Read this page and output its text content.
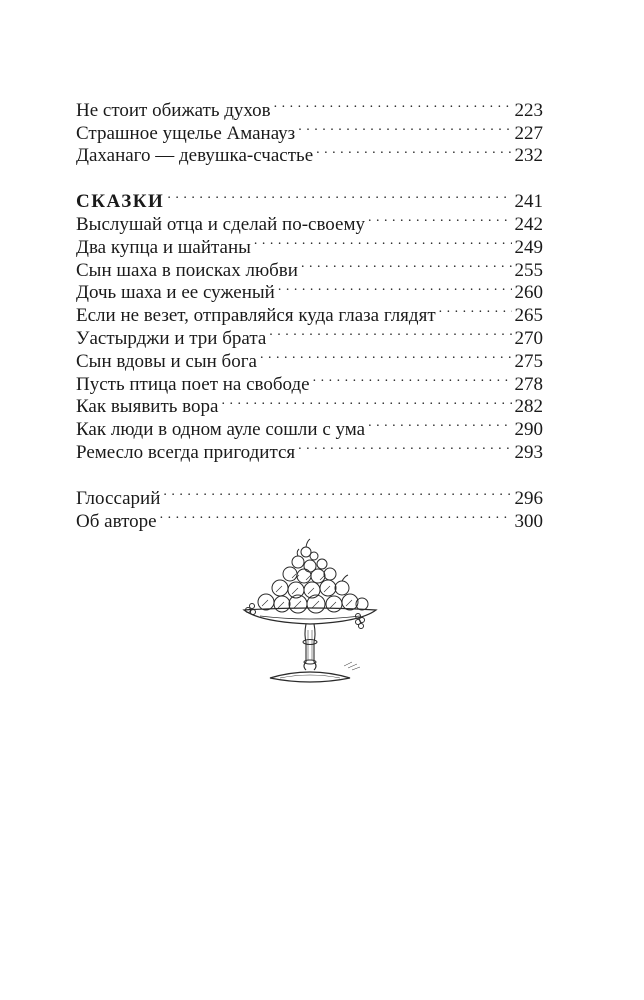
Не стоит обижать духов . . .	223
Страшное ущелье Аманауз . . .	227
Даханаго — девушка-счастье . . .	232
СКАЗКИ . . .	241
Выслушай отца и сделай по-своему . . .	242
Два купца и шайтаны . . .	249
Сын шаха в поисках любви . . .	255
Дочь шаха и ее суженый . . .	260
Если не везет, отправляйся куда глаза глядят . . .	265
Уастырджи и три брата . . .	270
Сын вдовы и сын бога . . .	275
Пусть птица поет на свободе . . .	278
Как выявить вора . . .	282
Как люди в одном ауле сошли с ума . . .	290
Ремесло всегда пригодится . . .	293
Глоссарий . . .	296
Об авторе . . .	300
